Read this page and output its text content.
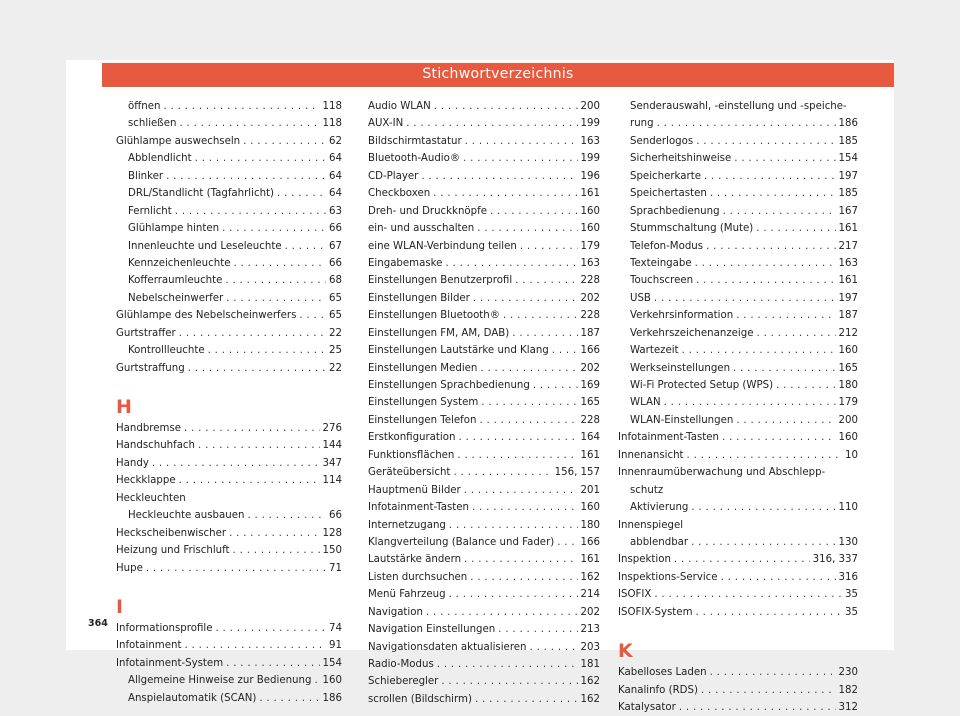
Stichwortverzeichnis
öffnen . . .	118
schließen . . .	118
Glühlampe auswechseln . . .	62
Abblendlicht . . .	64
Blinker . . .	64
DRL/Standlicht (Tagfahrlicht) . . .	64
Fernlicht . . .	63
Glühlampe hinten . . .	66
Innenleuchte und Leseleuchte . . .	67
Kennzeichenleuchte . . .	66
Kofferraumleuchte . . .	68
Nebelscheinwerfer . . .	65
Glühlampe des Nebelscheinwerfers . . .	65
Gurtstraffer . . .	22
Kontrollleuchte . . .	25
Gurtstraffung . . .	22
H
Handbremse . . .	276
Handschuhfach . . .	144
Handy . . .	347
Heckklappe . . .	114
Heckleuchten
Heckleuchte ausbauen . . .	66
Heckscheibenwischer . . .	128
Heizung und Frischluft . . .	150
Hupe . . .	71
I
Informationsprofile . . .	74
Infotainment . . .	91
Infotainment-System . . .	154
Allgemeine Hinweise zur Bedienung . . . 160
Anspielautomatik (SCAN) . . .	186
Audio WLAN . . .	200
AUX-IN . . .	199
Bildschirmtastatur . . .	163
Bluetooth-Audio® . . .	199
CD-Player . . .	196
Checkboxen . . .	161
Dreh- und Druckknöpfe . . .	160
ein- und ausschalten . . .	160
eine WLAN-Verbindung teilen . . .	179
Eingabemaske . . .	163
Einstellungen Benutzerprofil . . .	228
Einstellungen Bilder . . .	202
Einstellungen Bluetooth® . . .	228
Einstellungen FM, AM, DAB) . . .	187
Einstellungen Lautstärke und Klang . . .	166
Einstellungen Medien . . .	202
Einstellungen Sprachbedienung . . .	169
Einstellungen System . . .	165
Einstellungen Telefon . . .	228
Erstkonfiguration . . .	164
Funktionsflächen . . .	161
Geräteübersicht . . .	156, 157
Hauptmenü Bilder . . .	201
Infotainment-Tasten . . .	160
Internetzugang . . .	180
Klangverteilung (Balance und Fader) . . .	166
Lautstärke ändern . . .	161
Listen durchsuchen . . .	162
Menü Fahrzeug . . .	214
Navigation . . .	202
Navigation Einstellungen . . .	213
Navigationsdaten aktualisieren . . .	203
Radio-Modus . . .	181
Schieberegler . . .	162
scrollen (Bildschirm) . . .	162
Senderauswahl, -einstellung und -speiche-
rung . . .	186
Senderlogos . . .	185
Sicherheitshinweise . . .	154
Speicherkarte . . .	197
Speichertasten . . .	185
Sprachbedienung . . .	167
Stummschaltung (Mute) . . .	161
Telefon-Modus . . .	217
Texteingabe . . .	163
Touchscreen . . .	161
USB . . .	197
Verkehrsinformation . . .	187
Verkehrszeichenanzeige . . .	212
Wartezeit . . .	160
Werkseinstellungen . . .	165
Wi-Fi Protected Setup (WPS) . . .	180
WLAN . . .	179
WLAN-Einstellungen . . .	200
Infotainment-Tasten . . .	160
Innenansicht . . .	10
Innenraumüberwachung und Abschlepp-
schutz
Aktivierung . . .	110
Innenspiegel
abblendbar . . .	130
Inspektion . . .	316, 337
Inspektions-Service . . .	316
ISOFIX . . .	35
ISOFIX-System . . .	35
K
Kabelloses Laden . . .	230
Kanalinfo (RDS) . . .	182
Katalysator . . .	312
364
